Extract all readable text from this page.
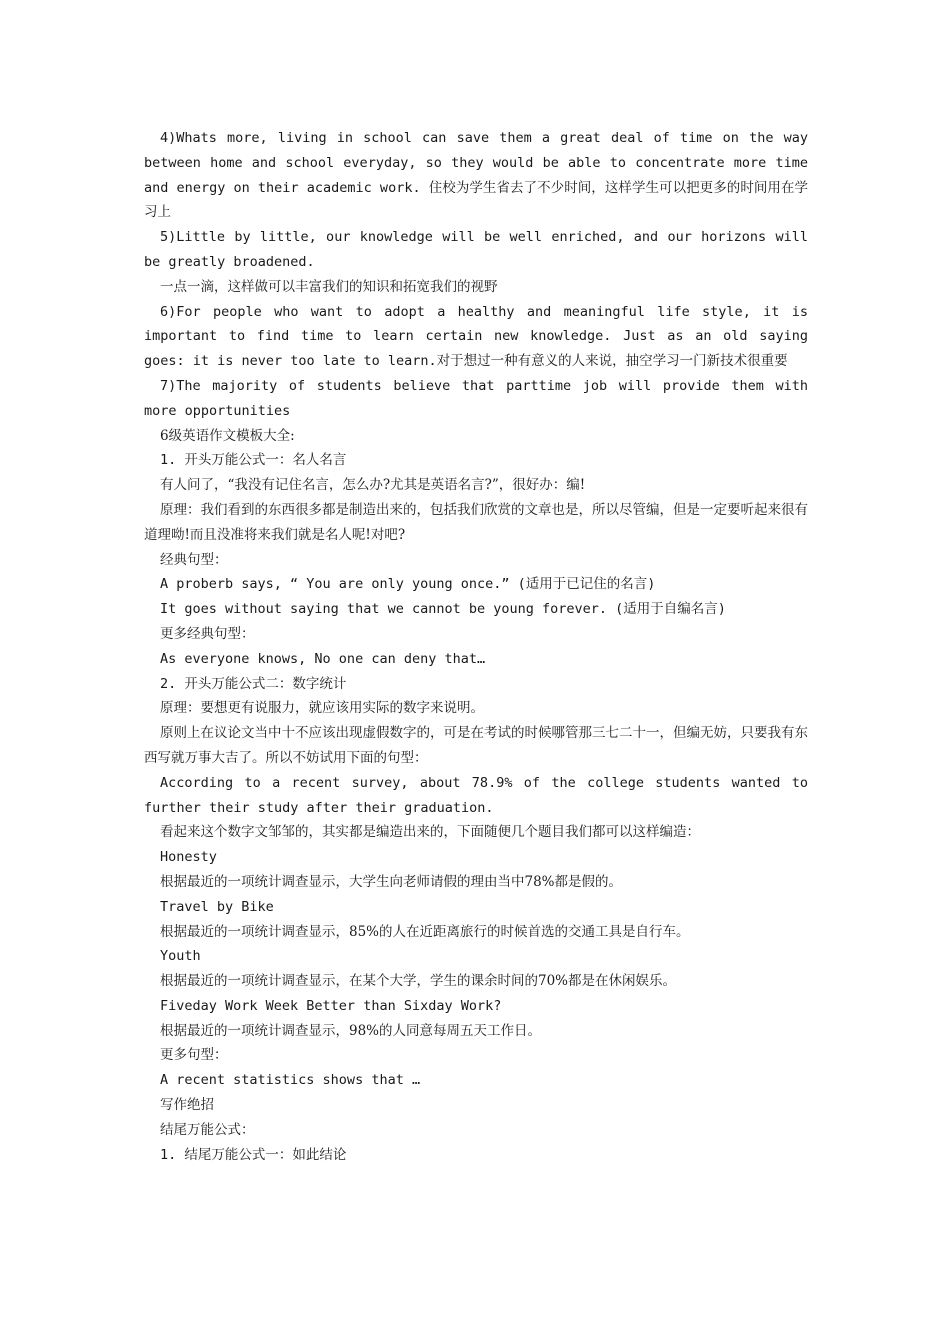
4)Whats more, living in school can save them a great deal of time on the way between home and school everyday, so they would be able to concentrate more time and energy on their academic work. 住校为学生省去了不少时间，这样学生可以把更多的时间用在学习上

5)Little by little, our knowledge will be well enriched, and our horizons will be greatly broadened.

一点一滴，这样做可以丰富我们的知识和拓宽我们的视野

6)For people who want to adopt a healthy and meaningful life style, it is important to find time to learn certain new knowledge. Just as an old saying goes: it is never too late to learn.对于想过一种有意义的人来说，抽空学习一门新技术很重要

7)The majority of students believe that parttime job will provide them with more opportunities

6级英语作文模板大全:

1. 开头万能公式一：名人名言

有人问了，“我没有记住名言，怎么办?尤其是英语名言?”，很好办：编!

原理：我们看到的东西很多都是制造出来的，包括我们欣赏的文章也是，所以尽管编，但是一定要听起来很有道理呦!而且没准将来我们就是名人呢!对吧?

经典句型：

A proberb says, “ You are only young once.” (适用于已记住的名言)

It goes without saying that we cannot be young forever. (适用于自编名言)

更多经典句型：

As everyone knows, No one can deny that…

2. 开头万能公式二：数字统计

原理：要想更有说服力，就应该用实际的数字来说明。

原则上在议论文当中十不应该出现虚假数字的，可是在考试的时候哪管那三七二十一，但编无妨，只要我有东西写就万事大吉了。所以不妨试用下面的句型：

According to a recent survey, about 78.9% of the college students wanted to further their study after their graduation.

看起来这个数字文邹邹的，其实都是编造出来的，下面随便几个题目我们都可以这样编造：

Honesty

根据最近的一项统计调查显示，大学生向老师请假的理由当中78%都是假的。

Travel by Bike

根据最近的一项统计调查显示，85%的人在近距离旅行的时候首选的交通工具是自行车。

Youth

根据最近的一项统计调查显示，在某个大学，学生的课余时间的70%都是在休闲娱乐。

Fiveday Work Week Better than Sixday Work?

根据最近的一项统计调查显示，98%的人同意每周五天工作日。

更多句型：

A recent statistics shows that …

写作绝招

结尾万能公式：

1. 结尾万能公式一：如此结论
